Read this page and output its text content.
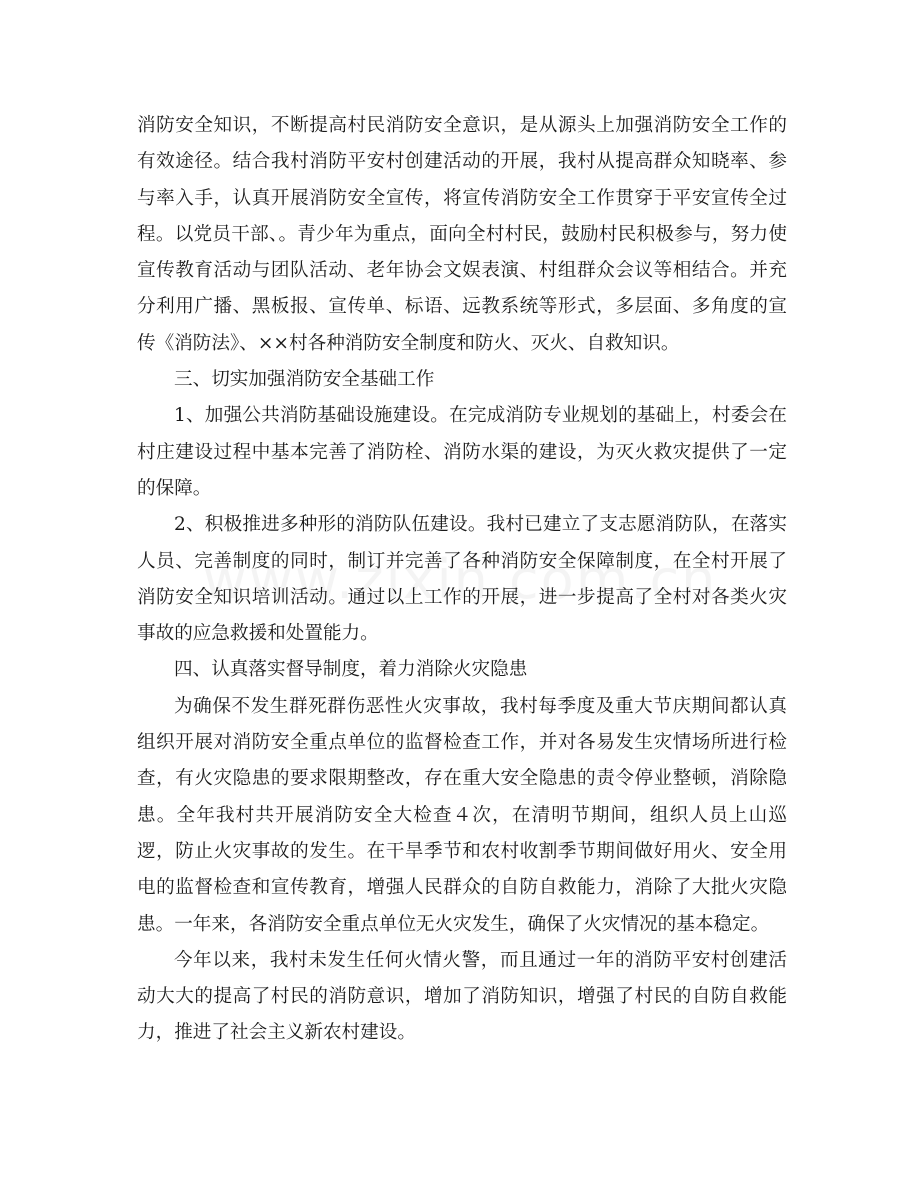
消防安全知识，不断提高村民消防安全意识，是从源头上加强消防安全工作的有效途径。结合我村消防平安村创建活动的开展，我村从提高群众知晓率、参与率入手，认真开展消防安全宣传，将宣传消防安全工作贯穿于平安宣传全过程。以党员干部、。青少年为重点，面向全村村民，鼓励村民积极参与，努力使宣传教育活动与团队活动、老年协会文娱表演、村组群众会议等相结合。并充分利用广播、黑板报、宣传单、标语、远教系统等形式，多层面、多角度的宣传《消防法》、××村各种消防安全制度和防火、灭火、自救知识。

三、切实加强消防安全基础工作

1、加强公共消防基础设施建设。在完成消防专业规划的基础上，村委会在村庄建设过程中基本完善了消防栓、消防水渠的建设，为灭火救灾提供了一定的保障。

2、积极推进多种形的消防队伍建设。我村已建立了支志愿消防队，在落实人员、完善制度的同时，制订并完善了各种消防安全保障制度，在全村开展了消防安全知识培训活动。通过以上工作的开展，进一步提高了全村对各类火灾事故的应急救援和处置能力。

四、认真落实督导制度，着力消除火灾隐患

为确保不发生群死群伤恶性火灾事故，我村每季度及重大节庆期间都认真组织开展对消防安全重点单位的监督检查工作，并对各易发生灾情场所进行检查，有火灾隐患的要求限期整改，存在重大安全隐患的责令停业整顿，消除隐患。全年我村共开展消防安全大检查４次，在清明节期间，组织人员上山巡逻，防止火灾事故的发生。在干旱季节和农村收割季节期间做好用火、安全用电的监督检查和宣传教育，增强人民群众的自防自救能力，消除了大批火灾隐患。一年来，各消防安全重点单位无火灾发生，确保了火灾情况的基本稳定。

今年以来，我村未发生任何火情火警，而且通过一年的消防平安村创建活动大大的提高了村民的消防意识，增加了消防知识，增强了村民的自防自救能力，推进了社会主义新农村建设。
